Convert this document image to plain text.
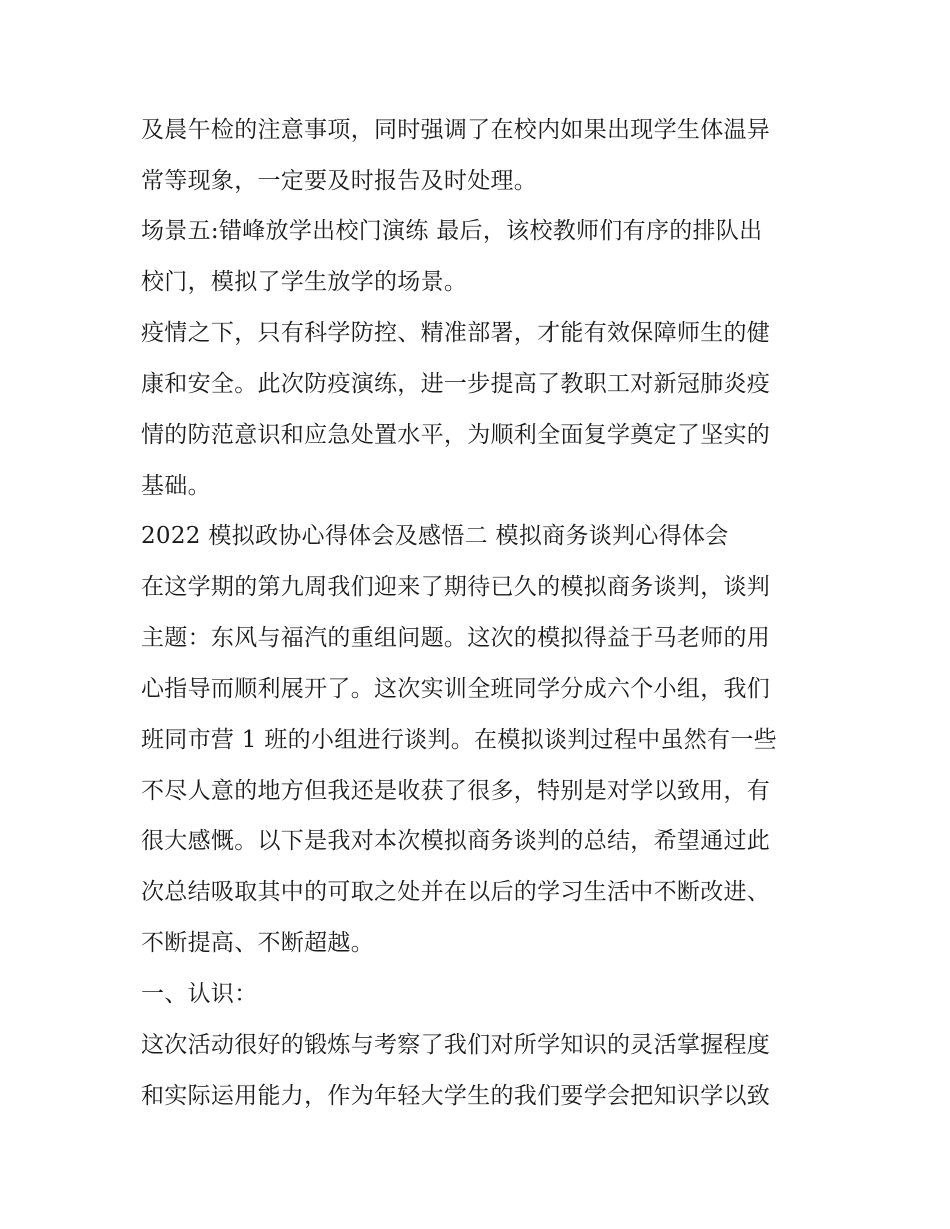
及晨午检的注意事项，同时强调了在校内如果出现学生体温异
常等现象，一定要及时报告及时处理。
场景五:错峰放学出校门演练 最后，该校教师们有序的排队出
校门，模拟了学生放学的场景。
疫情之下，只有科学防控、精准部署，才能有效保障师生的健
康和安全。此次防疫演练，进一步提高了教职工对新冠肺炎疫
情的防范意识和应急处置水平，为顺利全面复学奠定了坚实的
基础。
2022 模拟政协心得体会及感悟二 模拟商务谈判心得体会
在这学期的第九周我们迎来了期待已久的模拟商务谈判，谈判
主题：东风与福汽的重组问题。这次的模拟得益于马老师的用
心指导而顺利展开了。这次实训全班同学分成六个小组，我们
班同市营 1 班的小组进行谈判。在模拟谈判过程中虽然有一些
不尽人意的地方但我还是收获了很多，特别是对学以致用，有
很大感慨。以下是我对本次模拟商务谈判的总结，希望通过此
次总结吸取其中的可取之处并在以后的学习生活中不断改进、
不断提高、不断超越。
一、认识：
这次活动很好的锻炼与考察了我们对所学知识的灵活掌握程度
和实际运用能力，作为年轻大学生的我们要学会把知识学以致
